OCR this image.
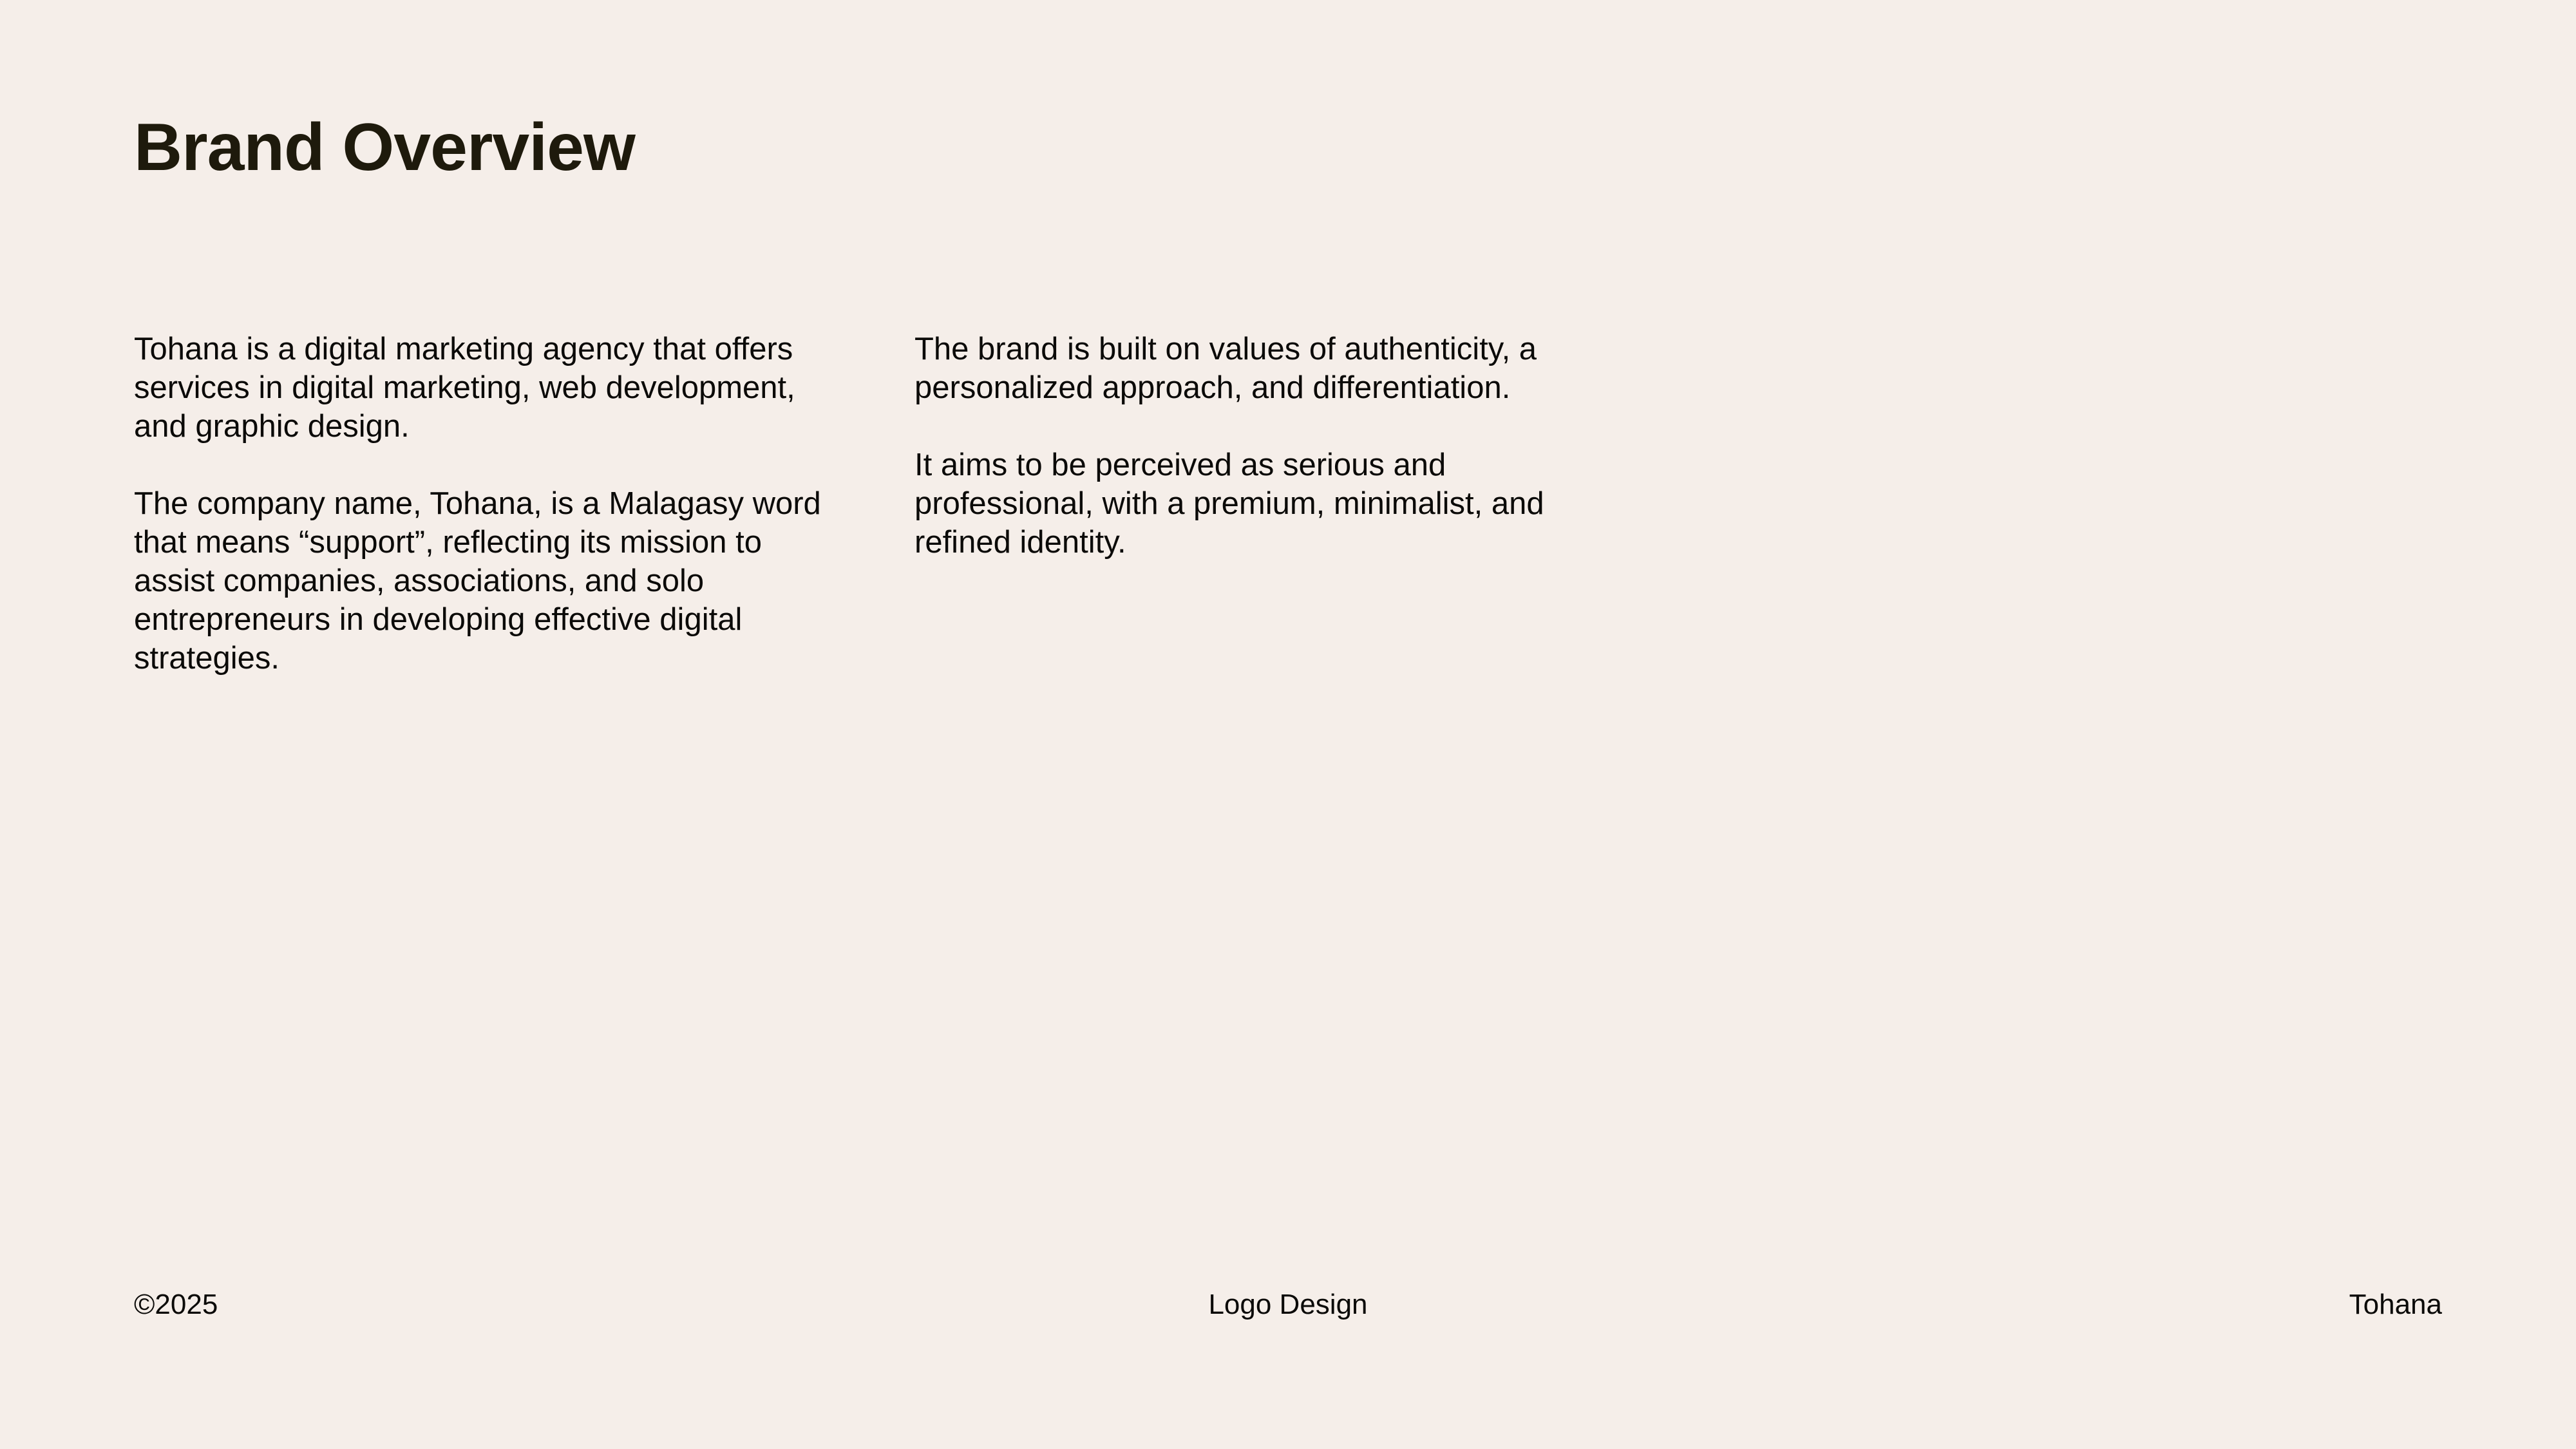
Brand Overview

Tohana is a digital marketing agency that offers services in digital marketing, web development, and graphic design.

The company name, Tohana, is a Malagasy word that means “support”, reflecting its mission to assist companies, associations, and solo entrepreneurs in developing effective digital strategies.

The brand is built on values of authenticity, a personalized approach, and differentiation.

It aims to be perceived as serious and professional, with a premium, minimalist, and refined identity.

©2025	Logo Design	Tohana
